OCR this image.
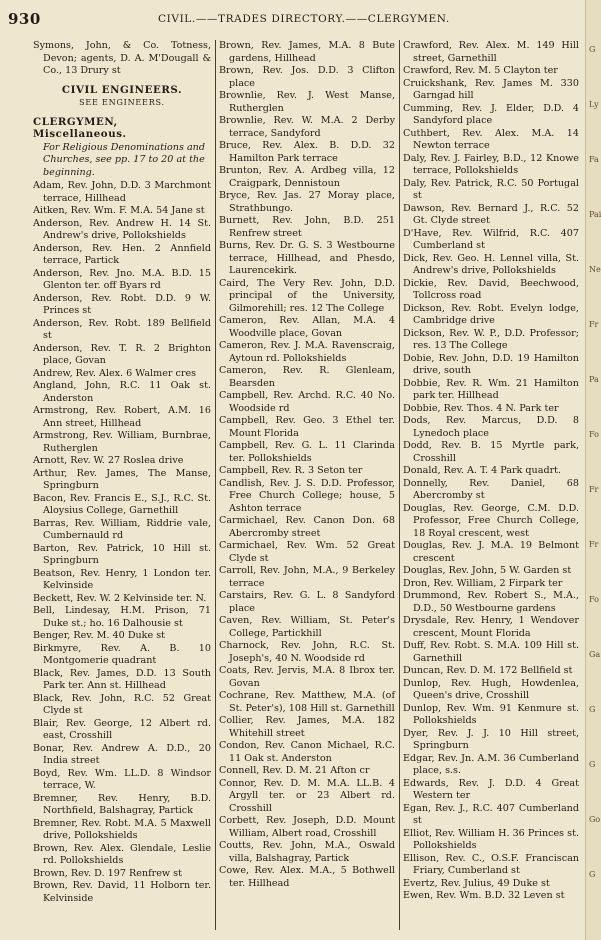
930	CIVIL.——TRADES DIRECTORY.——CLERGYMEN.

Symons, John, & Co. Totness, Devon; agents, D. A. M'Dougall & Co., 13 Drury st

CIVIL ENGINEERS.

SEE ENGINEERS.

CLERGYMEN, Miscellaneous.

For Religious Denominations and Churches, see pp. 17 to 20 at the beginning.

Adam, Rev. John, D.D. 3 Marchmont terrace, Hillhead

Aitken, Rev. Wm. F. M.A. 54 Jane st

Anderson, Rev. Andrew H. 14 St. Andrew's drive, Pollokshields

Anderson, Rev. Hen. 2 Annfield terrace, Partick

Anderson, Rev. Jno. M.A. B.D. 15 Glenton ter. off Byars rd

Anderson, Rev. Robt. D.D. 9 W. Princes st

Anderson, Rev. Robt. 189 Bellfield st

Anderson, Rev. T. R. 2 Brighton place, Govan

Andrew, Rev. Alex. 6 Walmer cres

Angland, John, R.C. 11 Oak st. Anderston

Armstrong, Rev. Robert, A.M. 16 Ann street, Hillhead

Armstrong, Rev. William, Burnbrae, Rutherglen

Arnott, Rev. W. 27 Roslea drive

Arthur, Rev. James, The Manse, Springburn

Bacon, Rev. Francis E., S.J., R.C. St. Aloysius College, Garnethill

Barras, Rev. William, Riddrie vale, Cumbernauld rd

Barton, Rev. Patrick, 10 Hill st. Springburn

Beatson, Rev. Henry, 1 London ter. Kelvinside

Beckett, Rev. W. 2 Kelvinside ter. N.

Bell, Lindesay, H.M. Prison, 71 Duke st.; ho. 16 Dalhousie st

Benger, Rev. M. 40 Duke st

Birkmyre, Rev. A. B. 10 Montgomerie quadrant

Black, Rev. James, D.D. 13 South Park ter. Ann st. Hillhead

Black, Rev. John, R.C. 52 Great Clyde st

Blair, Rev. George, 12 Albert rd. east, Crosshill

Bonar, Rev. Andrew A. D.D., 20 India street

Boyd, Rev. Wm. LL.D. 8 Windsor terrace, W.

Bremner, Rev. Henry, B.D. Northfield, Balshagray, Partick

Bremner, Rev. Robt. M.A. 5 Maxwell drive, Pollokshields

Brown, Rev. Alex. Glendale, Leslie rd. Pollokshields

Brown, Rev. D. 197 Renfrew st

Brown, Rev. David, 11 Holborn ter. Kelvinside

Brown, Rev. James, M.A. 8 Bute gardens, Hillhead

Brown, Rev. Jos. D.D. 3 Clifton place

Brownlie, Rev. J. West Manse, Rutherglen

Brownlie, Rev. W. M.A. 2 Derby terrace, Sandyford

Bruce, Rev. Alex. B. D.D. 32 Hamilton Park terrace

Brunton, Rev. A. Ardbeg villa, 12 Craigpark, Dennistoun

Bryce, Rev. Jas. 27 Moray place, Strathbungo.

Burnett, Rev. John, B.D. 251 Renfrew street

Burns, Rev. Dr. G. S. 3 Westbourne terrace, Hillhead, and Phesdo, Laurencekirk.

Caird, The Very Rev. John, D.D. principal of the University, Gilmorehill; res. 12 The College

Cameron, Rev. Allan, M.A. 4 Woodville place, Govan

Cameron, Rev. J. M.A. Ravenscraig, Aytoun rd. Pollokshields

Cameron, Rev. R. Glenleam, Bearsden

Campbell, Rev. Archd. R.C. 40 No. Woodside rd

Campbell, Rev. Geo. 3 Ethel ter. Mount Florida

Campbell, Rev. G. L. 11 Clarinda ter. Pollokshields

Campbell, Rev. R. 3 Seton ter

Candlish, Rev. J. S. D.D. Professor, Free Church College; house, 5 Ashton terrace

Carmichael, Rev. Canon Don. 68 Abercromby street

Carmichael, Rev. Wm. 52 Great Clyde st

Carroll, Rev. John, M.A., 9 Berkeley terrace

Carstairs, Rev. G. L. 8 Sandyford place

Caven, Rev. William, St. Peter's College, Partickhill

Charnock, Rev. John, R.C. St. Joseph's, 40 N. Woodside rd

Coats, Rev. Jervis, M.A. 8 Ibrox ter. Govan

Cochrane, Rev. Matthew, M.A. (of St. Peter's), 108 Hill st. Garnethill

Collier, Rev. James, M.A. 182 Whitehill street

Condon, Rev. Canon Michael, R.C. 11 Oak st. Anderston

Connell, Rev. D. M. 21 Afton cr

Connor, Rev. D. M. M.A. LL.B. 4 Argyll ter. or 23 Albert rd. Crosshill

Corbett, Rev. Joseph, D.D. Mount William, Albert road, Crosshill

Coutts, Rev. John, M.A., Oswald villa, Balshagray, Partick

Cowe, Rev. Alex. M.A., 5 Bothwell ter. Hillhead

Crawford, Rev. Alex. M. 149 Hill street, Garnethill

Crawford, Rev. M. 5 Clayton ter

Cruickshank, Rev. James M. 330 Garngad hill

Cumming, Rev. J. Elder, D.D. 4 Sandyford place

Cuthbert, Rev. Alex. M.A. 14 Newton terrace

Daly, Rev. J. Fairley, B.D., 12 Knowe terrace, Pollokshields

Daly, Rev. Patrick, R.C. 50 Portugal st

Dawson, Rev. Bernard J., R.C. 52 Gt. Clyde street

D'Have, Rev. Wilfrid, R.C. 407 Cumberland st

Dick, Rev. Geo. H. Lennel villa, St. Andrew's drive, Pollokshields

Dickie, Rev. David, Beechwood, Tollcross road

Dickson, Rev. Robt. Evelyn lodge, Cambridge drive

Dickson, Rev. W. P., D.D. Professor; res. 13 The College

Dobie, Rev. John, D.D. 19 Hamilton drive, south

Dobbie, Rev. R. Wm. 21 Hamilton park ter. Hillhead

Dobbie, Rev. Thos. 4 N. Park ter

Dods, Rev. Marcus, D.D. 8 Lynedoch place

Dodd, Rev. B. 15 Myrtle park, Crosshill

Donald, Rev. A. T. 4 Park quadrt.

Donnelly, Rev. Daniel, 68 Abercromby st

Douglas, Rev. George, C.M. D.D. Professor, Free Church College, 18 Royal crescent, west

Douglas, Rev. J. M.A. 19 Belmont crescent

Douglas, Rev. John, 5 W. Garden st

Dron, Rev. William, 2 Firpark ter

Drummond, Rev. Robert S., M.A., D.D., 50 Westbourne gardens

Drysdale, Rev. Henry, 1 Wendover crescent, Mount Florida

Duff, Rev. Robt. S. M.A. 109 Hill st. Garnethill

Duncan, Rev. D. M. 172 Bellfield st

Dunlop, Rev. Hugh, Howdenlea, Queen's drive, Crosshill

Dunlop, Rev. Wm. 91 Kenmure st. Pollokshields

Dyer, Rev. J. J. 10 Hill street, Springburn

Edgar, Rev. Jn. A.M. 36 Cumberland place, s.s.

Edwards, Rev. J. D.D. 4 Great Western ter

Egan, Rev. J., R.C. 407 Cumberland st

Elliot, Rev. William H. 36 Princes st. Pollokshields

Ellison, Rev. C., O.S.F. Franciscan Friary, Cumberland st

Evertz, Rev. Julius, 49 Duke st

Ewen, Rev. Wm. B.D. 32 Leven st

G
Ly
Fa
Pai
Ne
Fr
Pa
Fo
Fr
Fr
Fo
Ga
G
G
Go
G
